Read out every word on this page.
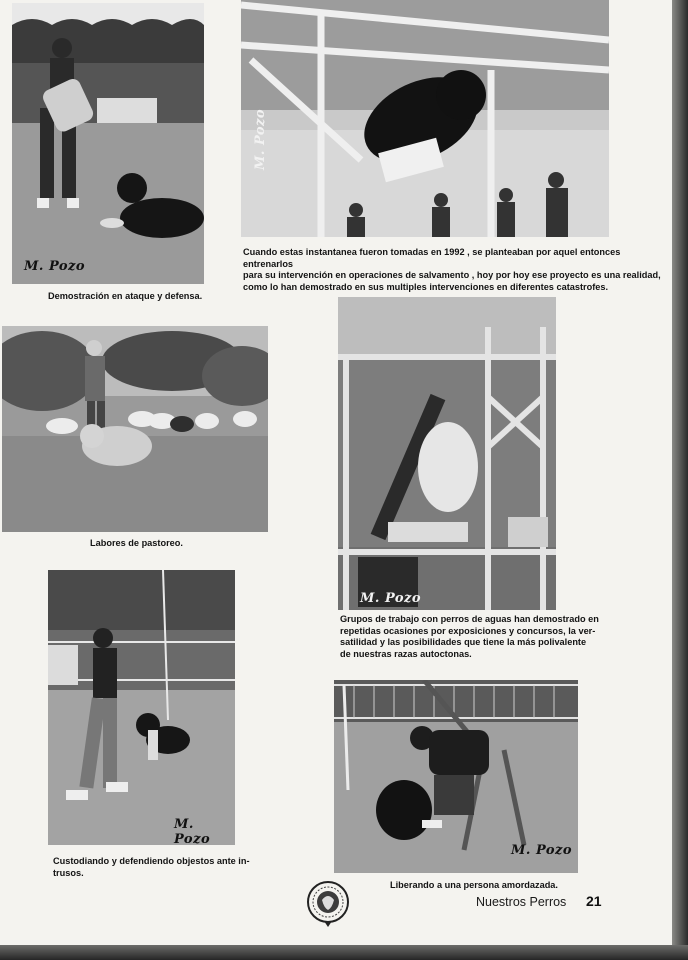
M. Pozo
Demostración en ataque y defensa.
M. Pozo
Cuando estas instantanea fueron tomadas en 1992 , se planteaban por aquel entonces entrenarlos
para su intervención en operaciones de salvamento , hoy por hoy ese proyecto es una realidad,
como lo han demostrado en sus multiples intervenciones en diferentes catastrofes.
Labores de pastoreo.
M. Pozo
Grupos de trabajo con perros de aguas han demostrado en
repetidas ocasiones por exposiciones y concursos, la ver-
satilidad y las posibilidades que tiene la más polivalente
de nuestras razas autoctonas.
M. Pozo
Custodiando y defendiendo objestos ante in-
trusos.
M. Pozo
Liberando a una persona amordazada.
Nuestros Perros 21
